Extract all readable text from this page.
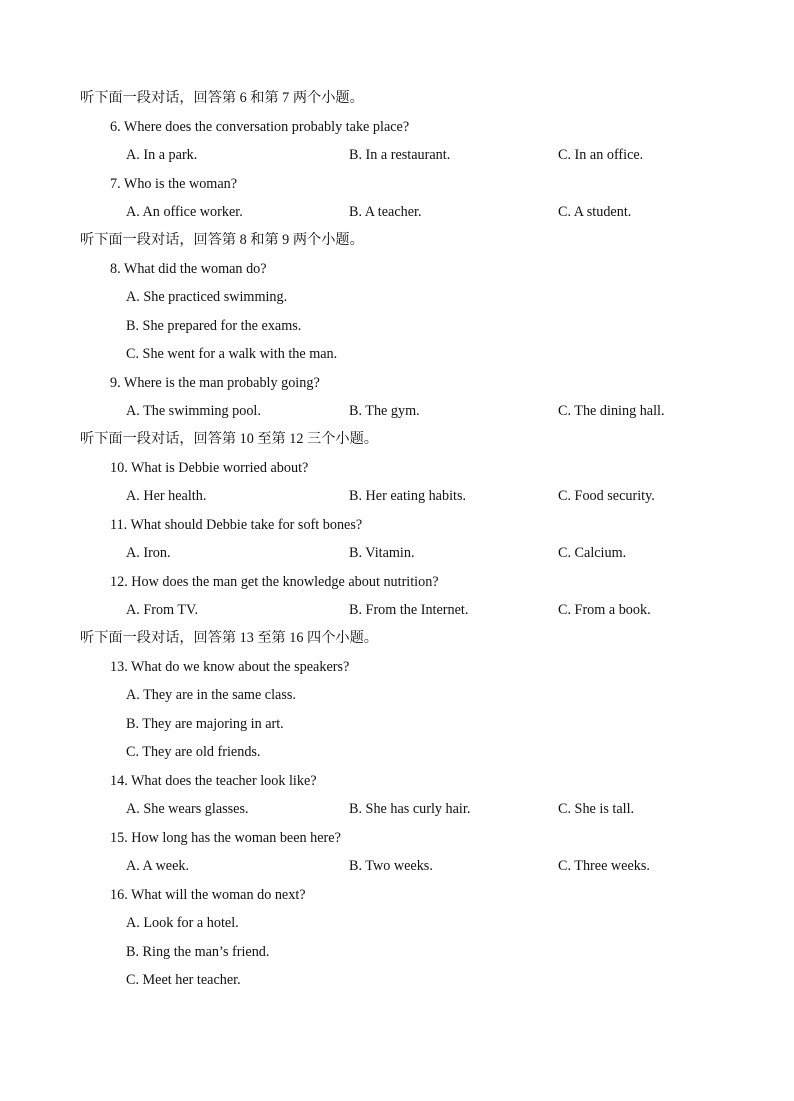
听下面一段对话，回答第 6 和第 7 两个小题。
6. Where does the conversation probably take place?
A. In a park.	B. In a restaurant.	C. In an office.
7. Who is the woman?
A. An office worker.	B. A teacher.	C. A student.
听下面一段对话，回答第 8 和第 9 两个小题。
8. What did the woman do?
A. She practiced swimming.
B. She prepared for the exams.
C. She went for a walk with the man.
9. Where is the man probably going?
A. The swimming pool.	B. The gym.	C. The dining hall.
听下面一段对话，回答第 10 至第 12 三个小题。
10. What is Debbie worried about?
A. Her health.	B. Her eating habits.	C. Food security.
11. What should Debbie take for soft bones?
A. Iron.	B. Vitamin.	C. Calcium.
12. How does the man get the knowledge about nutrition?
A. From TV.	B. From the Internet.	C. From a book.
听下面一段对话，回答第 13 至第 16 四个小题。
13. What do we know about the speakers?
A. They are in the same class.
B. They are majoring in art.
C. They are old friends.
14. What does the teacher look like?
A. She wears glasses.	B. She has curly hair.	C. She is tall.
15. How long has the woman been here?
A. A week.	B. Two weeks.	C. Three weeks.
16. What will the woman do next?
A. Look for a hotel.
B. Ring the man’s friend.
C. Meet her teacher.
